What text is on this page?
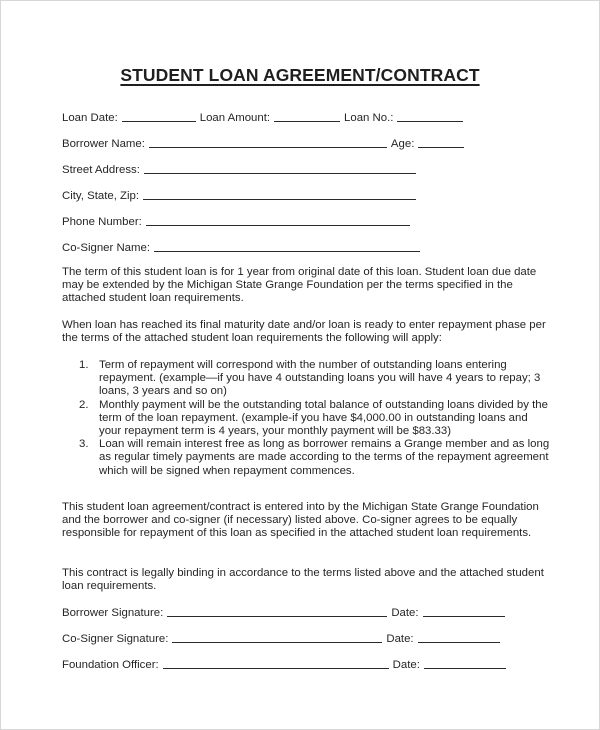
STUDENT LOAN AGREEMENT/CONTRACT
Loan Date:	Loan Amount:	Loan No.:
Borrower Name:	Age:
Street Address:
City, State, Zip:
Phone Number:
Co-Signer Name:

The term of this student loan is for 1 year from original date of this loan. Student loan due date may be extended by the Michigan State Grange Foundation per the terms specified in the attached student loan requirements.

When loan has reached its final maturity date and/or loan is ready to enter repayment phase per the terms of the attached student loan requirements the following will apply:

1. Term of repayment will correspond with the number of outstanding loans entering repayment. (example—if you have 4 outstanding loans you will have 4 years to repay; 3 loans, 3 years and so on)
2. Monthly payment will be the outstanding total balance of outstanding loans divided by the term of the loan repayment. (example-if you have $4,000.00 in outstanding loans and your repayment term is 4 years, your monthly payment will be $83.33)
3. Loan will remain interest free as long as borrower remains a Grange member and as long as regular timely payments are made according to the terms of the repayment agreement which will be signed when repayment commences.

This student loan agreement/contract is entered into by the Michigan State Grange Foundation and the borrower and co-signer (if necessary) listed above. Co-signer agrees to be equally responsible for repayment of this loan as specified in the attached student loan requirements.

This contract is legally binding in accordance to the terms listed above and the attached student loan requirements.

Borrower Signature:	Date:
Co-Signer Signature:	Date:
Foundation Officer:	Date:
